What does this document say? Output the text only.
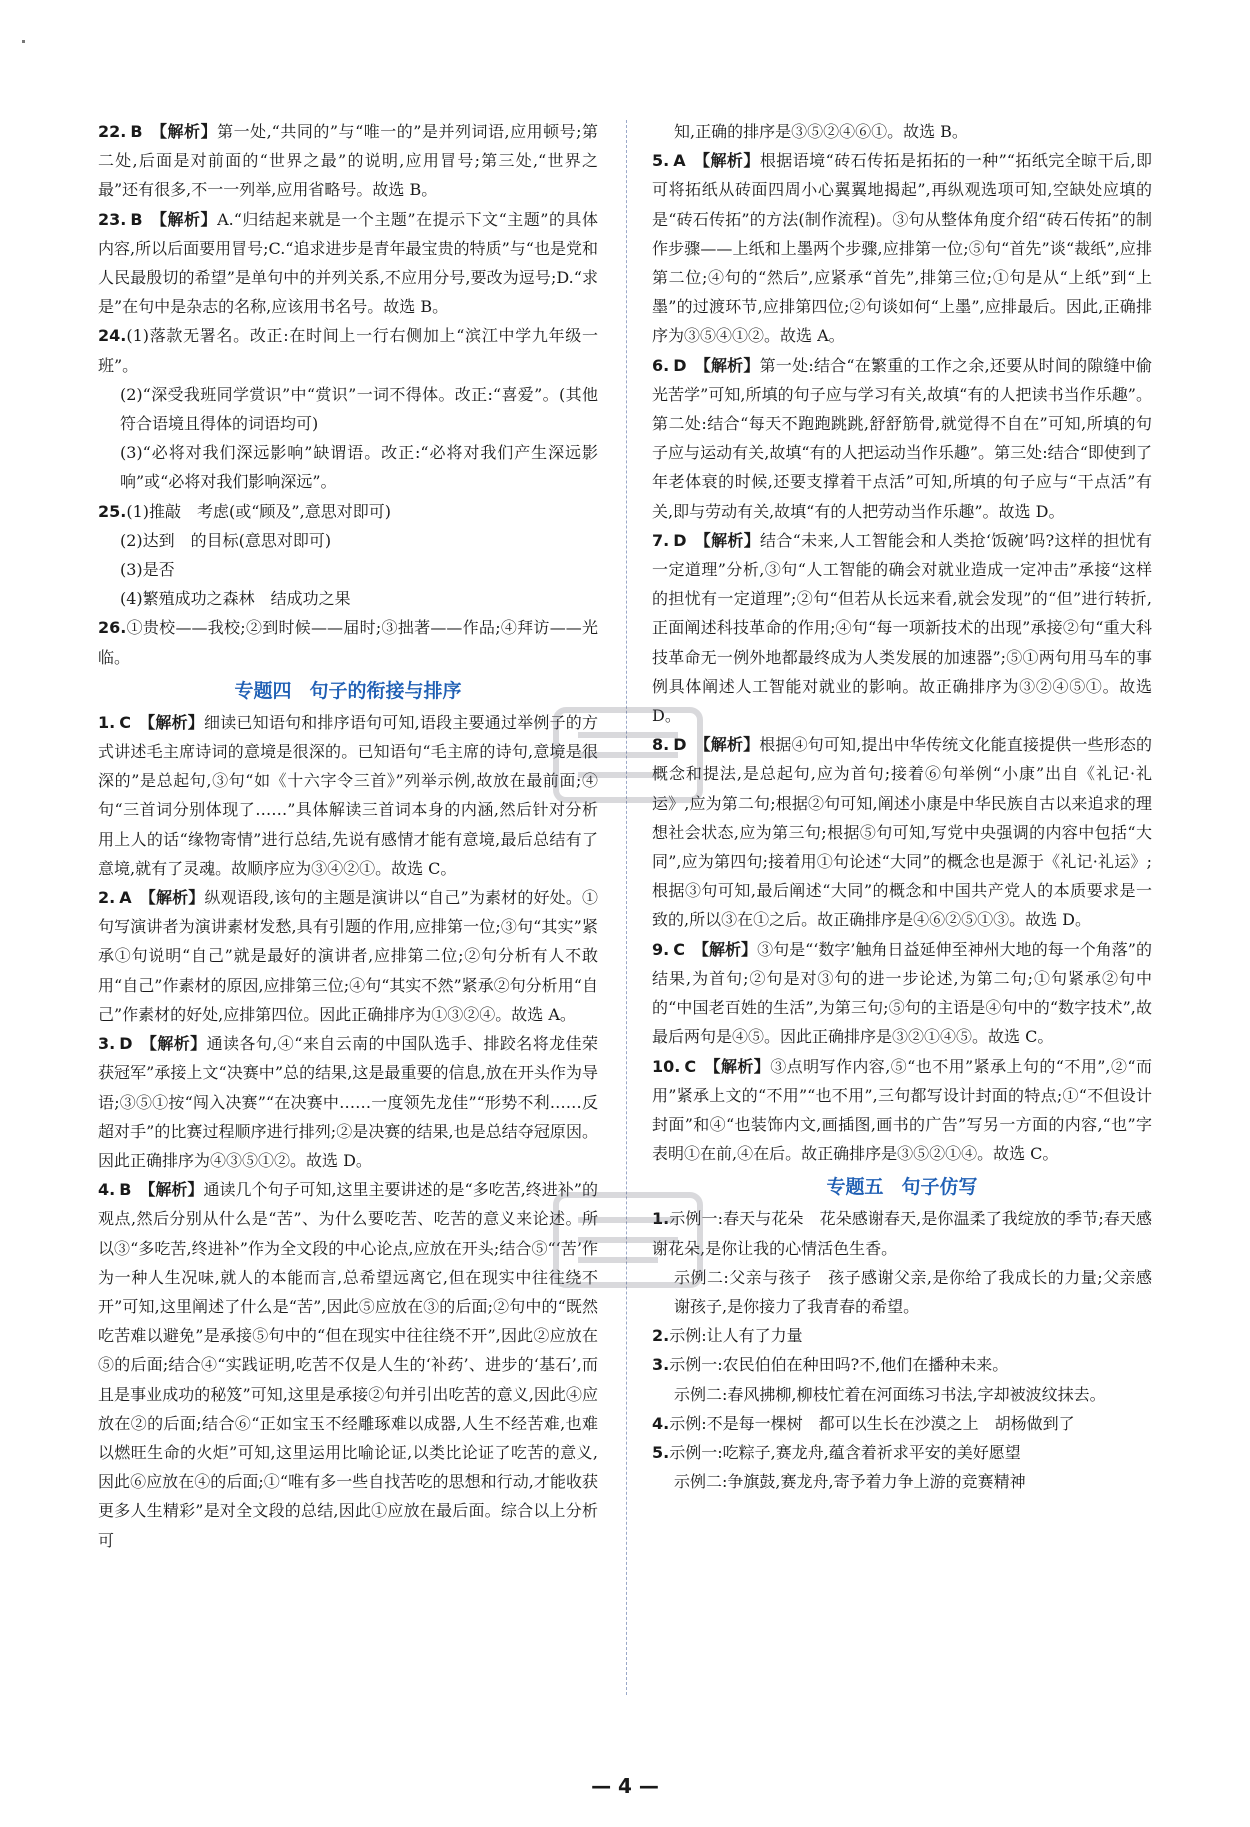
22. B 【解析】第一处,“共同的”与“唯一的”是并列词语,应用顿号;第二处,后面是对前面的“世界之最”的说明,应用冒号;第三处,“世界之最”还有很多,不一一列举,应用省略号。故选 B。

23. B 【解析】A.“归结起来就是一个主题”在提示下文“主题”的具体内容,所以后面要用冒号;C.“追求进步是青年最宝贵的特质”与“也是党和人民最殷切的希望”是单句中的并列关系,不应用分号,要改为逗号;D.“求是”在句中是杂志的名称,应该用书名号。故选 B。

24.(1)落款无署名。改正:在时间上一行右侧加上“滨江中学九年级一班”。

(2)“深受我班同学赏识”中“赏识”一词不得体。改正:“喜爱”。(其他符合语境且得体的词语均可)

(3)“必将对我们深远影响”缺谓语。改正:“必将对我们产生深远影响”或“必将对我们影响深远”。

25.(1)推敲　考虑(或“顾及”,意思对即可)

(2)达到　的目标(意思对即可)

(3)是否

(4)繁殖成功之森林　结成功之果

26.①贵校——我校;②到时候——届时;③拙著——作品;④拜访——光临。

专题四 句子的衔接与排序

1. C 【解析】细读已知语句和排序语句可知,语段主要通过举例子的方式讲述毛主席诗词的意境是很深的。已知语句“毛主席的诗句,意境是很深的”是总起句,③句“如《十六字令三首》”列举示例,故放在最前面;④句“三首词分别体现了……”具体解读三首词本身的内涵,然后针对分析用上人的话“缘物寄情”进行总结,先说有感情才能有意境,最后总结有了意境,就有了灵魂。故顺序应为③④②①。故选 C。

2. A 【解析】纵观语段,该句的主题是演讲以“自己”为素材的好处。①句写演讲者为演讲素材发愁,具有引题的作用,应排第一位;③句“其实”紧承①句说明“自己”就是最好的演讲者,应排第二位;②句分析有人不敢用“自己”作素材的原因,应排第三位;④句“其实不然”紧承②句分析用“自己”作素材的好处,应排第四位。因此正确排序为①③②④。故选 A。

3. D 【解析】通读各句,④“来自云南的中国队选手、排跤名将龙佳荣获冠军”承接上文“决赛中”总的结果,这是最重要的信息,放在开头作为导语;③⑤①按“闯入决赛”“在决赛中……一度领先龙佳”“形势不利……反超对手”的比赛过程顺序进行排列;②是决赛的结果,也是总结夺冠原因。因此正确排序为④③⑤①②。故选 D。

4. B 【解析】通读几个句子可知,这里主要讲述的是“多吃苦,终进补”的观点,然后分别从什么是“苦”、为什么要吃苦、吃苦的意义来论述。所以③“多吃苦,终进补”作为全文段的中心论点,应放在开头;结合⑤“‘苦’作为一种人生况味,就人的本能而言,总希望远离它,但在现实中往往绕不开”可知,这里阐述了什么是“苦”,因此⑤应放在③的后面;②句中的“既然吃苦难以避免”是承接⑤句中的“但在现实中往往绕不开”,因此②应放在⑤的后面;结合④“实践证明,吃苦不仅是人生的‘补药’、进步的‘基石’,而且是事业成功的秘笈”可知,这里是承接②句并引出吃苦的意义,因此④应放在②的后面;结合⑥“正如宝玉不经雕琢难以成器,人生不经苦难,也难以燃旺生命的火炬”可知,这里运用比喻论证,以类比论证了吃苦的意义,因此⑥应放在④的后面;①“唯有多一些自找苦吃的思想和行动,才能收获更多人生精彩”是对全文段的总结,因此①应放在最后面。综合以上分析可

知,正确的排序是③⑤②④⑥①。故选 B。

5. A 【解析】根据语境“砖石传拓是拓拓的一种”“拓纸完全晾干后,即可将拓纸从砖面四周小心翼翼地揭起”,再纵观选项可知,空缺处应填的是“砖石传拓”的方法(制作流程)。③句从整体角度介绍“砖石传拓”的制作步骤——上纸和上墨两个步骤,应排第一位;⑤句“首先”谈“裁纸”,应排第二位;④句的“然后”,应紧承“首先”,排第三位;①句是从“上纸”到“上墨”的过渡环节,应排第四位;②句谈如何“上墨”,应排最后。因此,正确排序为③⑤④①②。故选 A。

6. D 【解析】第一处:结合“在繁重的工作之余,还要从时间的隙缝中偷光苦学”可知,所填的句子应与学习有关,故填“有的人把读书当作乐趣”。第二处:结合“每天不跑跑跳跳,舒舒筋骨,就觉得不自在”可知,所填的句子应与运动有关,故填“有的人把运动当作乐趣”。第三处:结合“即使到了年老体衰的时候,还要支撑着干点活”可知,所填的句子应与“干点活”有关,即与劳动有关,故填“有的人把劳动当作乐趣”。故选 D。

7. D 【解析】结合“未来,人工智能会和人类抢‘饭碗’吗?这样的担忧有一定道理”分析,③句“人工智能的确会对就业造成一定冲击”承接“这样的担忧有一定道理”;②句“但若从长远来看,就会发现”的“但”进行转折,正面阐述科技革命的作用;④句“每一项新技术的出现”承接②句“重大科技革命无一例外地都最终成为人类发展的加速器”;⑤①两句用马车的事例具体阐述人工智能对就业的影响。故正确排序为③②④⑤①。故选 D。

8. D 【解析】根据④句可知,提出中华传统文化能直接提供一些形态的概念和提法,是总起句,应为首句;接着⑥句举例“小康”出自《礼记·礼运》,应为第二句;根据②句可知,阐述小康是中华民族自古以来追求的理想社会状态,应为第三句;根据⑤句可知,写党中央强调的内容中包括“大同”,应为第四句;接着用①句论述“大同”的概念也是源于《礼记·礼运》;根据③句可知,最后阐述“大同”的概念和中国共产党人的本质要求是一致的,所以③在①之后。故正确排序是④⑥②⑤①③。故选 D。

9. C 【解析】③句是“‘数字’触角日益延伸至神州大地的每一个角落”的结果,为首句;②句是对③句的进一步论述,为第二句;①句紧承②句中的“中国老百姓的生活”,为第三句;⑤句的主语是④句中的“数字技术”,故最后两句是④⑤。因此正确排序是③②①④⑤。故选 C。

10. C 【解析】③点明写作内容,⑤“也不用”紧承上句的“不用”,②“而用”紧承上文的“不用”“也不用”,三句都写设计封面的特点;①“不但设计封面”和④“也装饰内文,画插图,画书的广告”写另一方面的内容,“也”字表明①在前,④在后。故正确排序是③⑤②①④。故选 C。

专题五 句子仿写

1.示例一:春天与花朵　花朵感谢春天,是你温柔了我绽放的季节;春天感谢花朵,是你让我的心情活色生香。

示例二:父亲与孩子　孩子感谢父亲,是你给了我成长的力量;父亲感谢孩子,是你接力了我青春的希望。

2.示例:让人有了力量

3.示例一:农民伯伯在种田吗?不,他们在播种未来。

示例二:春风拂柳,柳枝忙着在河面练习书法,字却被波纹抹去。

4.示例:不是每一棵树　都可以生长在沙漠之上　胡杨做到了

5.示例一:吃粽子,赛龙舟,蕴含着祈求平安的美好愿望

示例二:争旗鼓,赛龙舟,寄予着力争上游的竞赛精神

— 4 —
